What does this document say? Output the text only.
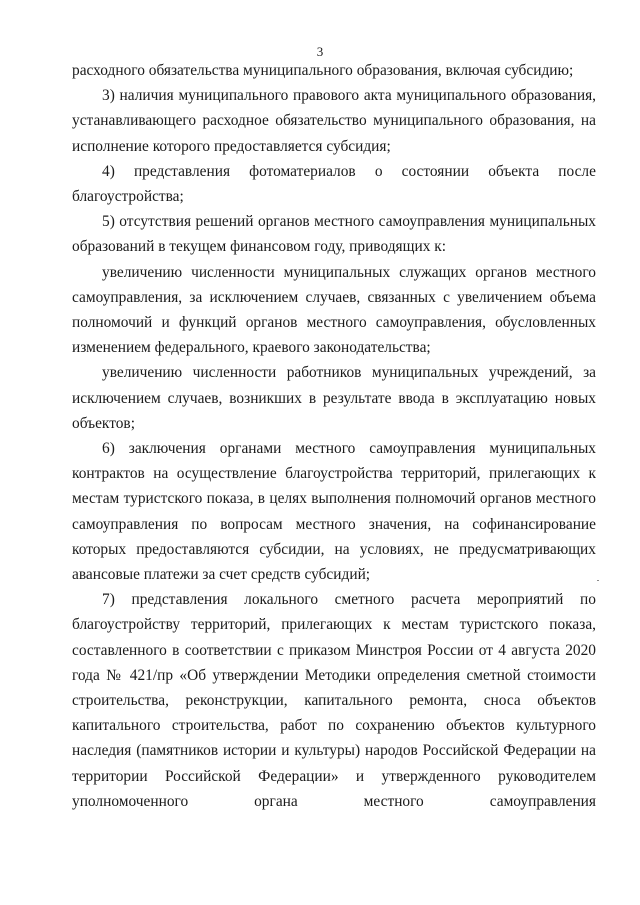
3

расходного обязательства муниципального образования, включая субсидию;

3) наличия муниципального правового акта муниципального образования, устанавливающего расходное обязательство муниципального образования, на исполнение которого предоставляется субсидия;

4) представления фотоматериалов о состоянии объекта после

благоустройства;

5) отсутствия решений органов местного самоуправления муниципальных образований в текущем финансовом году, приводящих к:

увеличению численности муниципальных служащих органов местного самоуправления, за исключением случаев, связанных с увеличением объема полномочий и функций органов местного самоуправления, обусловленных изменением федерального, краевого законодательства;

увеличению численности работников муниципальных учреждений, за исключением случаев, возникших в результате ввода в эксплуатацию новых объектов;

6) заключения органами местного самоуправления муниципальных контрактов на осуществление благоустройства территорий, прилегающих к местам туристского показа, в целях выполнения полномочий органов местного самоуправления по вопросам местного значения, на софинансирование которых предоставляются субсидии, на условиях, не предусматривающих авансовые платежи за счет средств субсидий;

7) представления локального сметного расчета мероприятий по

благоустройству территорий, прилегающих к местам туристского показа, составленного в соответствии с приказом Минстроя России от 4 августа 2020 года № 421/пр «Об утверждении Методики определения сметной стоимости строительства, реконструкции, капитального ремонта, сноса объектов капитального строительства, работ по сохранению объектов культурного наследия (памятников истории и культуры) народов Российской Федерации на территории Российской Федерации» и утвержденного руководителем уполномоченного органа местного самоуправления
